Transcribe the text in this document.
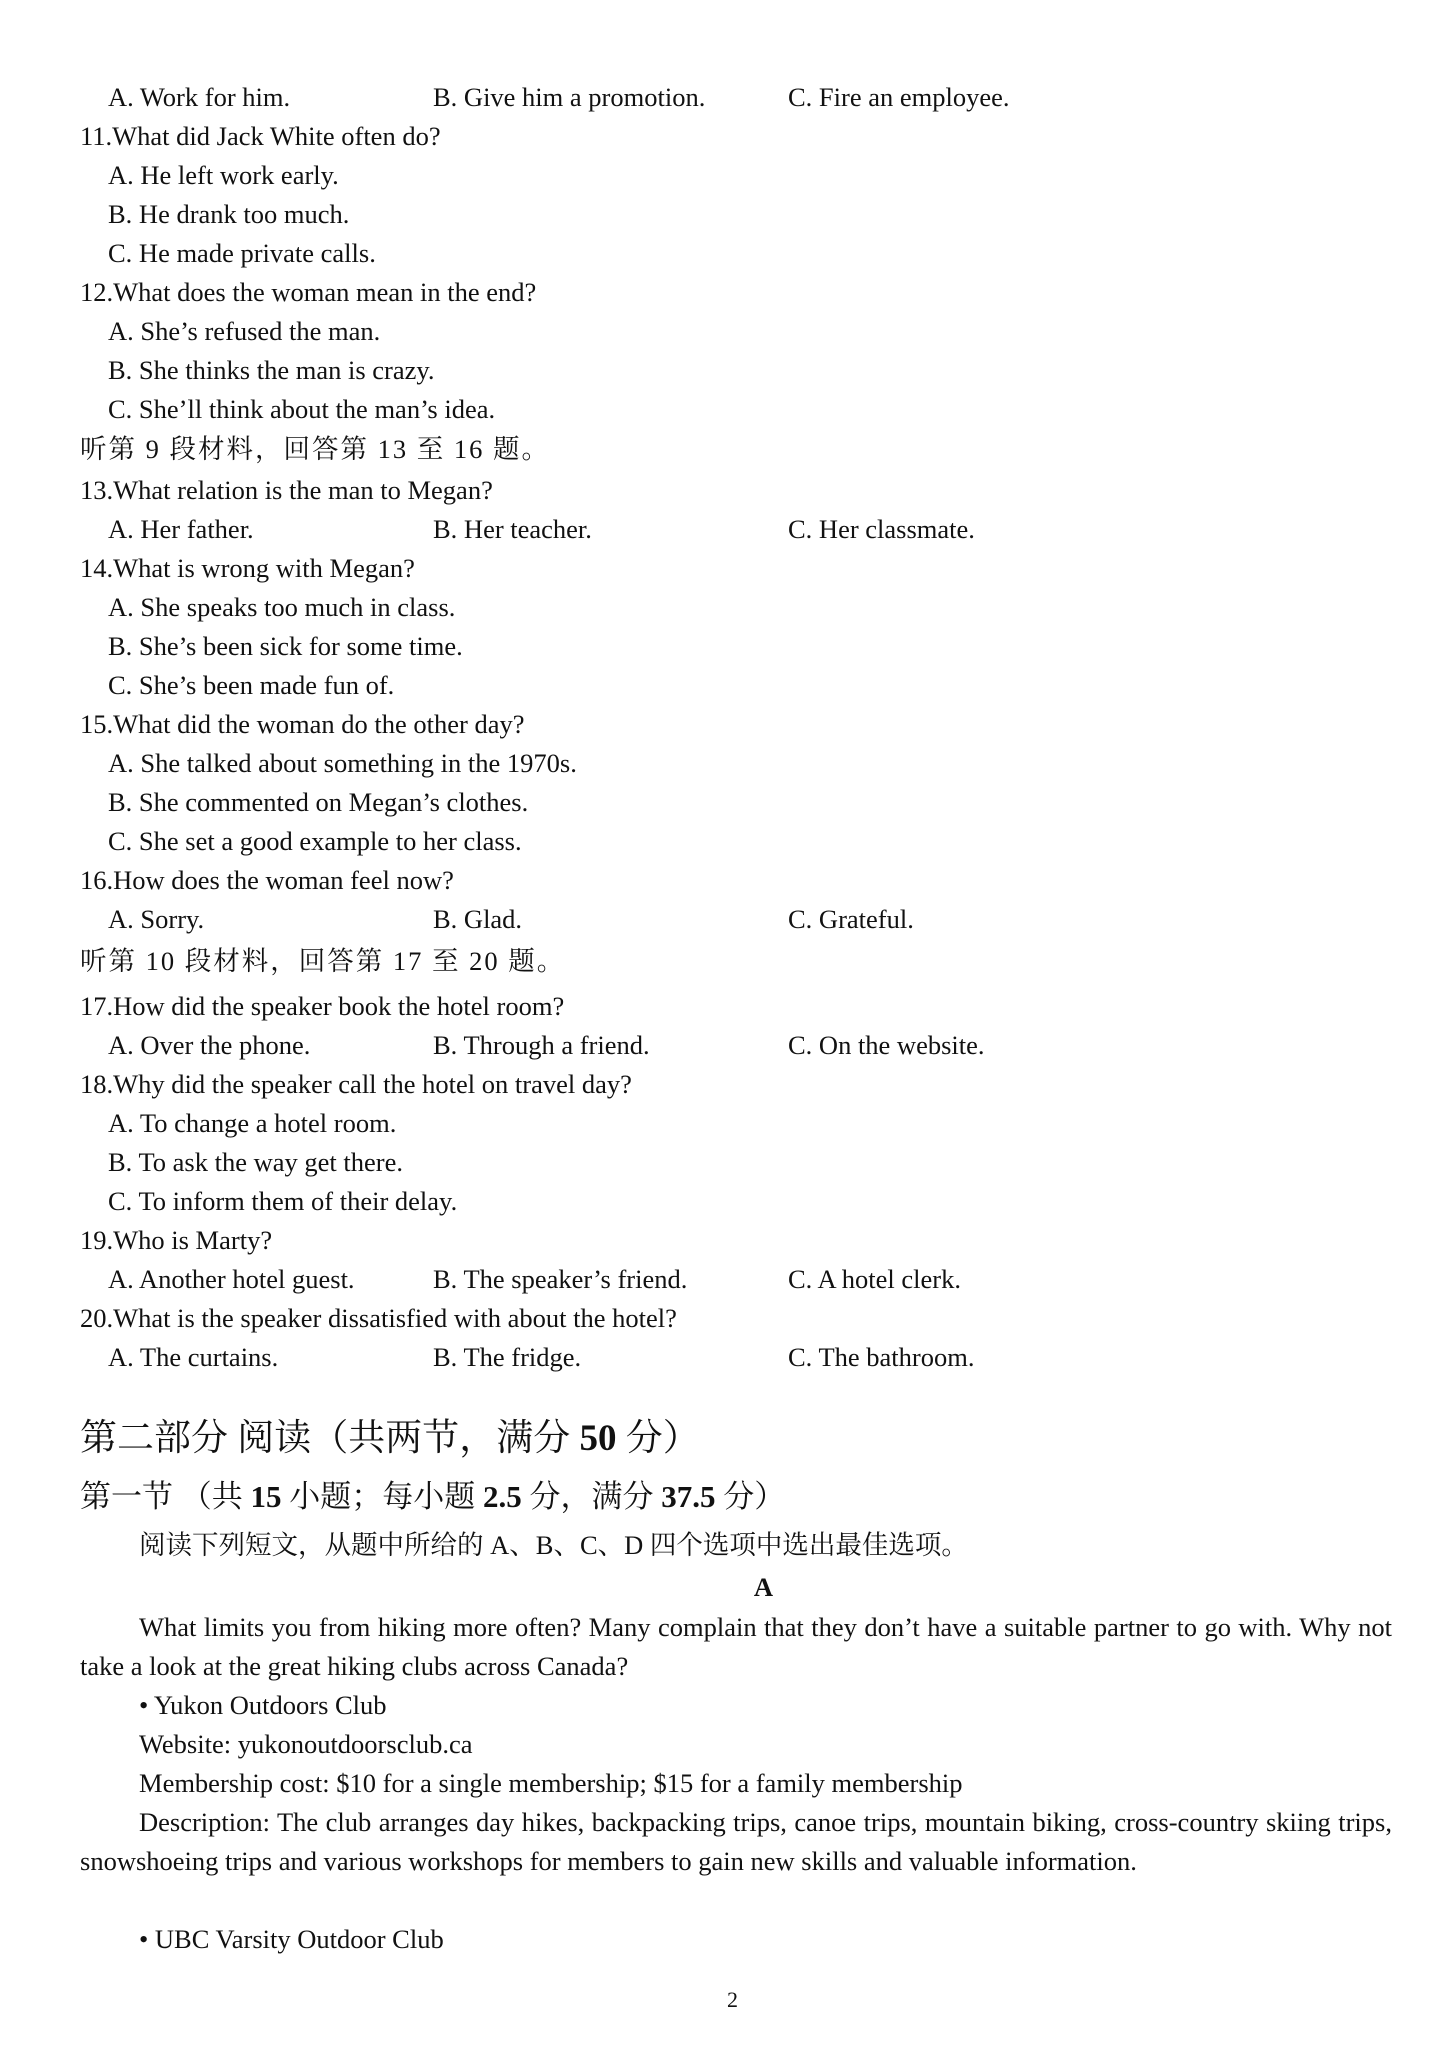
A. Work for him.	B. Give him a promotion.	C. Fire an employee.
11.What did Jack White often do?
A. He left work early.
B. He drank too much.
C. He made private calls.
12.What does the woman mean in the end?
A. She’s refused the man.
B. She thinks the man is crazy.
C. She’ll think about the man’s idea.
听第 9 段材料，回答第 13 至 16 题。
13.What relation is the man to Megan?
A. Her father.	B. Her teacher.	C. Her classmate.
14.What is wrong with Megan?
A. She speaks too much in class.
B. She’s been sick for some time.
C. She’s been made fun of.
15.What did the woman do the other day?
A. She talked about something in the 1970s.
B. She commented on Megan’s clothes.
C. She set a good example to her class.
16.How does the woman feel now?
A. Sorry.	B. Glad.	C. Grateful.
听第 10 段材料，回答第 17 至 20 题。
17.How did the speaker book the hotel room?
A. Over the phone.	B. Through a friend.	C. On the website.
18.Why did the speaker call the hotel on travel day?
A. To change a hotel room.
B. To ask the way get there.
C. To inform them of their delay.
19.Who is Marty?
A. Another hotel guest.	B. The speaker’s friend.	C. A hotel clerk.
20.What is the speaker dissatisfied with about the hotel?
A. The curtains.	B. The fridge.	C. The bathroom.
第二部分 阅读（共两节，满分 50 分）
第一节 （共 15 小题；每小题 2.5 分，满分 37.5 分）
阅读下列短文，从题中所给的 A、B、C、D 四个选项中选出最佳选项。
A
What limits you from hiking more often? Many complain that they don’t have a suitable partner to go with. Why not take a look at the great hiking clubs across Canada?
• Yukon Outdoors Club
Website: yukonoutdoorsclub.ca
Membership cost: $10 for a single membership; $15 for a family membership
Description: The club arranges day hikes, backpacking trips, canoe trips, mountain biking, cross-country skiing trips, snowshoeing trips and various workshops for members to gain new skills and valuable information.
• UBC Varsity Outdoor Club
2
